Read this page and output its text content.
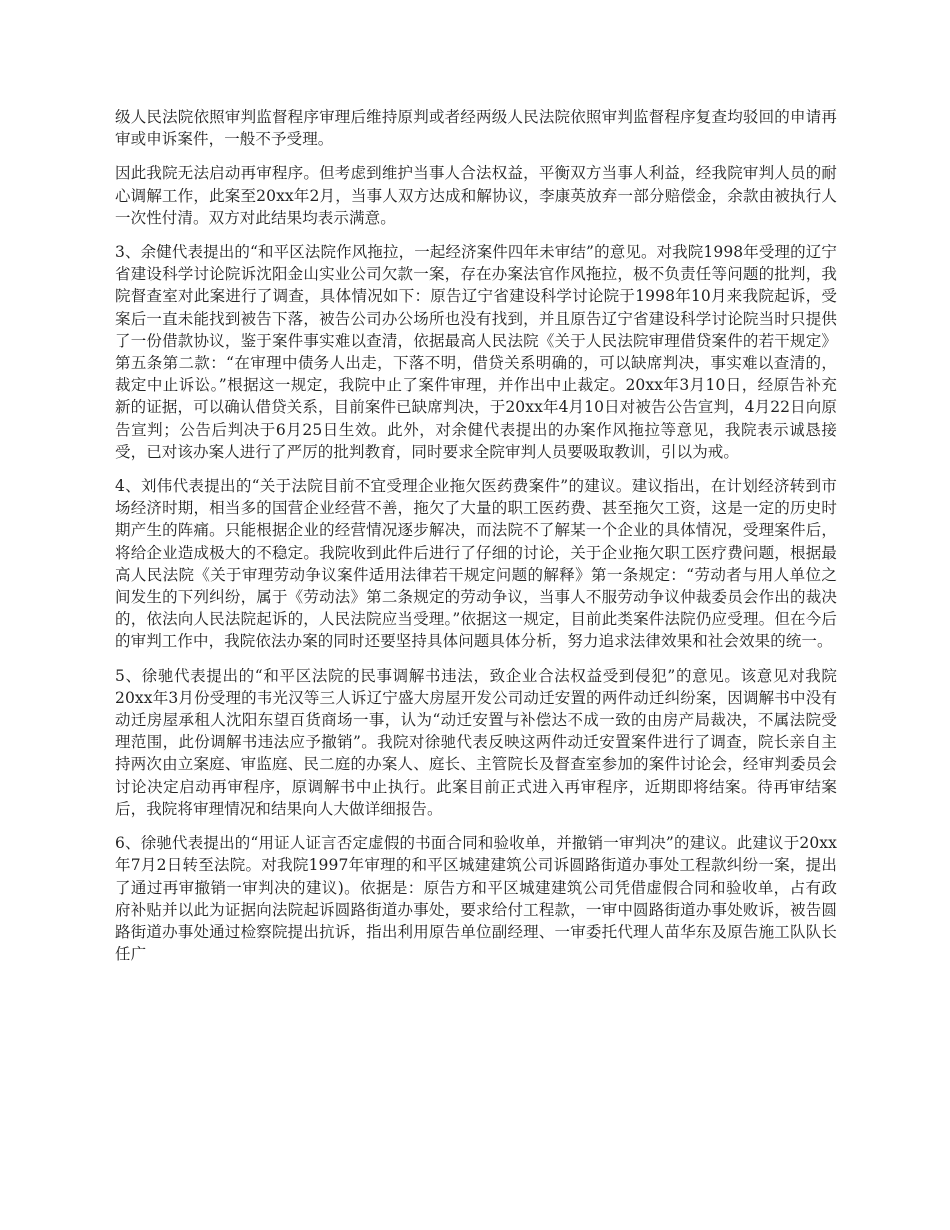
级人民法院依照审判监督程序审理后维持原判或者经两级人民法院依照审判监督程序复查均驳回的申请再审或申诉案件，一般不予受理。

因此我院无法启动再审程序。但考虑到维护当事人合法权益，平衡双方当事人利益，经我院审判人员的耐心调解工作，此案至20xx年2月，当事人双方达成和解协议，李康英放弃一部分赔偿金，余款由被执行人一次性付清。双方对此结果均表示满意。

3、余健代表提出的“和平区法院作风拖拉，一起经济案件四年未审结”的意见。对我院1998年受理的辽宁省建设科学讨论院诉沈阳金山实业公司欠款一案，存在办案法官作风拖拉，极不负责任等问题的批判，我院督查室对此案进行了调查，具体情况如下：原告辽宁省建设科学讨论院于1998年10月来我院起诉，受案后一直未能找到被告下落，被告公司办公场所也没有找到，并且原告辽宁省建设科学讨论院当时只提供了一份借款协议，鉴于案件事实难以查清，依据最高人民法院《关于人民法院审理借贷案件的若干规定》第五条第二款：“在审理中债务人出走，下落不明，借贷关系明确的，可以缺席判决，事实难以查清的，裁定中止诉讼。”根据这一规定，我院中止了案件审理，并作出中止裁定。20xx年3月10日，经原告补充新的证据，可以确认借贷关系，目前案件已缺席判决，于20xx年4月10日对被告公告宣判，4月22日向原告宣判；公告后判决于6月25日生效。此外，对余健代表提出的办案作风拖拉等意见，我院表示诚恳接受，已对该办案人进行了严厉的批判教育，同时要求全院审判人员要吸取教训，引以为戒。

4、刘伟代表提出的“关于法院目前不宜受理企业拖欠医药费案件”的建议。建议指出，在计划经济转到市场经济时期，相当多的国营企业经营不善，拖欠了大量的职工医药费、甚至拖欠工资，这是一定的历史时期产生的阵痛。只能根据企业的经营情况逐步解决，而法院不了解某一个企业的具体情况，受理案件后，将给企业造成极大的不稳定。我院收到此件后进行了仔细的讨论，关于企业拖欠职工医疗费问题，根据最高人民法院《关于审理劳动争议案件适用法律若干规定问题的解释》第一条规定：“劳动者与用人单位之间发生的下列纠纷，属于《劳动法》第二条规定的劳动争议，当事人不服劳动争议仲裁委员会作出的裁决的，依法向人民法院起诉的，人民法院应当受理。”依据这一规定，目前此类案件法院仍应受理。但在今后的审判工作中，我院依法办案的同时还要坚持具体问题具体分析，努力追求法律效果和社会效果的统一。

5、徐驰代表提出的“和平区法院的民事调解书违法，致企业合法权益受到侵犯”的意见。该意见对我院20xx年3月份受理的韦光汉等三人诉辽宁盛大房屋开发公司动迁安置的两件动迁纠纷案，因调解书中没有动迁房屋承租人沈阳东望百货商场一事，认为“动迁安置与补偿达不成一致的由房产局裁决，不属法院受理范围，此份调解书违法应予撤销”。我院对徐驰代表反映这两件动迁安置案件进行了调查，院长亲自主持两次由立案庭、审监庭、民二庭的办案人、庭长、主管院长及督查室参加的案件讨论会，经审判委员会讨论决定启动再审程序，原调解书中止执行。此案目前正式进入再审程序，近期即将结案。待再审结案后，我院将审理情况和结果向人大做详细报告。

6、徐驰代表提出的“用证人证言否定虚假的书面合同和验收单，并撤销一审判决”的建议。此建议于20xx年7月2日转至法院。对我院1997年审理的和平区城建建筑公司诉圆路街道办事处工程款纠纷一案，提出了通过再审撤销一审判决的建议)。依据是：原告方和平区城建建筑公司凭借虚假合同和验收单，占有政府补贴并以此为证据向法院起诉圆路街道办事处，要求给付工程款，一审中圆路街道办事处败诉，被告圆路街道办事处通过检察院提出抗诉，指出利用原告单位副经理、一审委托代理人苗华东及原告施工队队长任广
